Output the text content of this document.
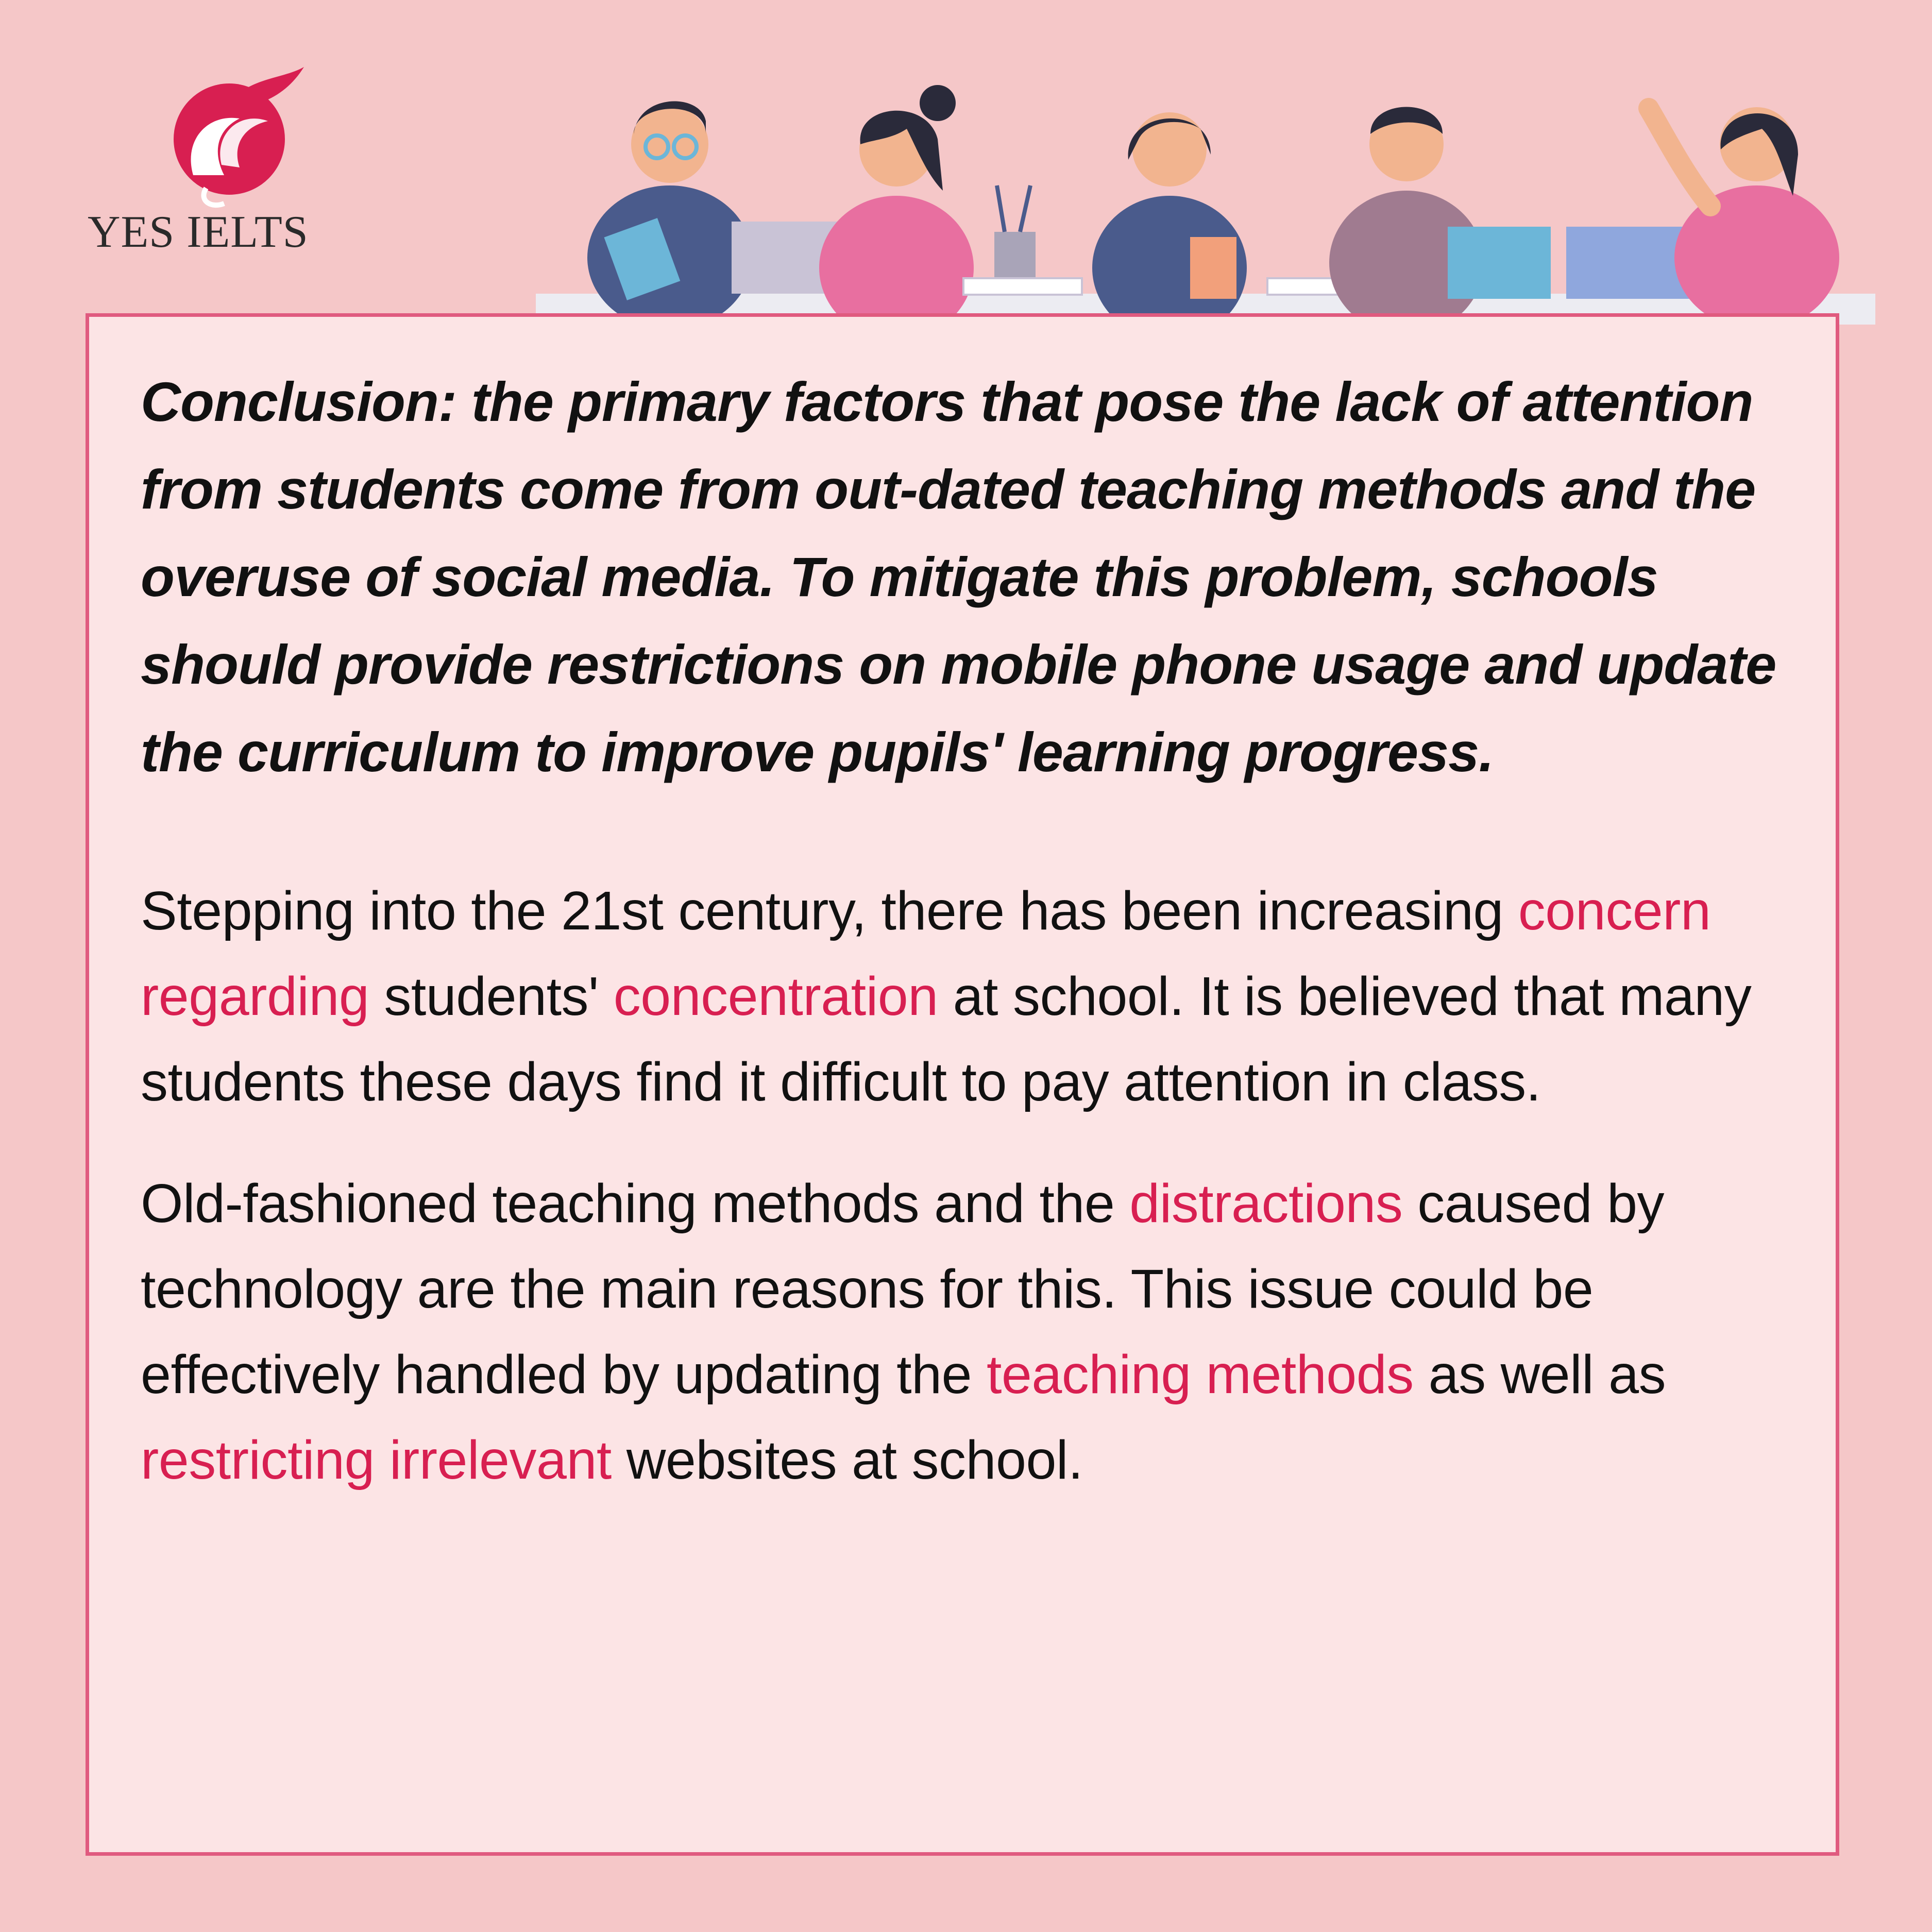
YES IELTS

Conclusion: the primary factors that pose the lack of attention from students come from out-dated teaching methods and the overuse of social media. To mitigate this problem, schools should provide restrictions on mobile phone usage and update the curriculum to improve pupils' learning progress.

Stepping into the 21st century, there has been increasing concern regarding students' concentration at school. It is believed that many students these days find it difficult to pay attention in class.

Old-fashioned teaching methods and the distractions caused by technology are the main reasons for this. This issue could be effectively handled by updating the teaching methods as well as restricting irrelevant websites at school.
